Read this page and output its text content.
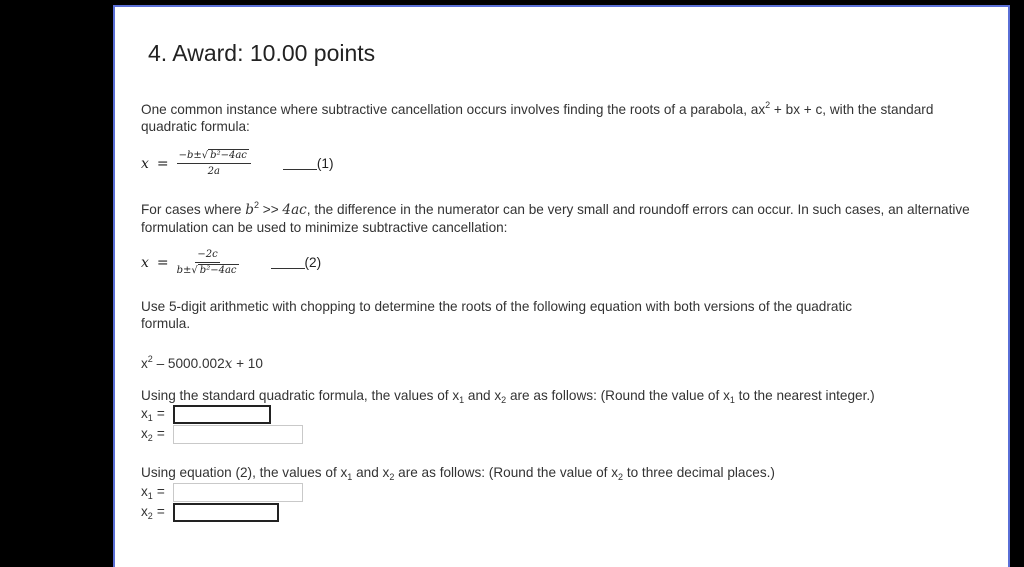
4. Award: 10.00 points

One common instance where subtractive cancellation occurs involves finding the roots of a parabola, $ax^2$ + bx + c, with the standard quadratic formula:

$x = \frac{\text{−b±√ b²−4ac}}{2a}$	(1)

For cases where $b^2 >> 4ac$, the difference in the numerator can be very small and roundoff errors can occur. In such cases, an alternative formulation can be used to minimize subtractive cancellation:

$x = \frac{-2c}{\text{b±√ b²−4ac}}$	(2)

Use 5-digit arithmetic with chopping to determine the roots of the following equation with both versions of the quadratic formula.

$x^2 - 5000.002x + 10$

Using the standard quadratic formula, the values of $x_1$ and $x_2$ are as follows: (Round the value of $x_1$ to the nearest integer.)

$x_1$ =
$x_2$ =

Using equation (2), the values of $x_1$ and $x_2$ are as follows: (Round the value of $x_2$ to three decimal places.)

$x_1$ =
$x_2$ =
